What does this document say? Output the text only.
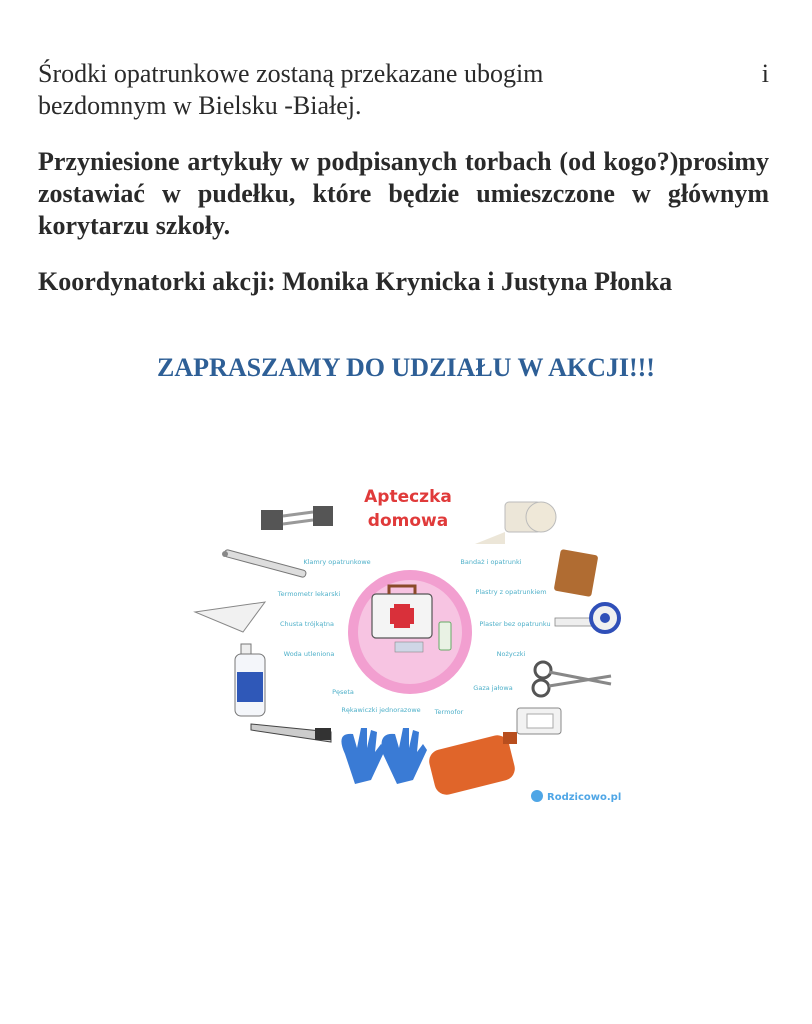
Środki opatrunkowe zostaną przekazane ubogim	i
bezdomnym w Bielsku -Białej.

Przyniesione artykuły w podpisanych torbach (od kogo?)prosimy zostawiać w pudełku, które będzie umieszczone w głównym korytarzu szkoły.

Koordynatorki akcji: Monika Krynicka i Justyna Płonka

ZAPRASZAMY DO UDZIAŁU W AKCJI!!!

Apteczka
domowa
Klamry opatrunkowe
Termometr lekarski
Chusta trójkątna
Woda utleniona
Pęseta
Rękawiczki jednorazowe Termofor
Gaza jałowa
Nożyczki
Plaster bez opatrunku
Plastry z opatrunkiem
Bandaż i opatrunki
Rodzicowo.pl
